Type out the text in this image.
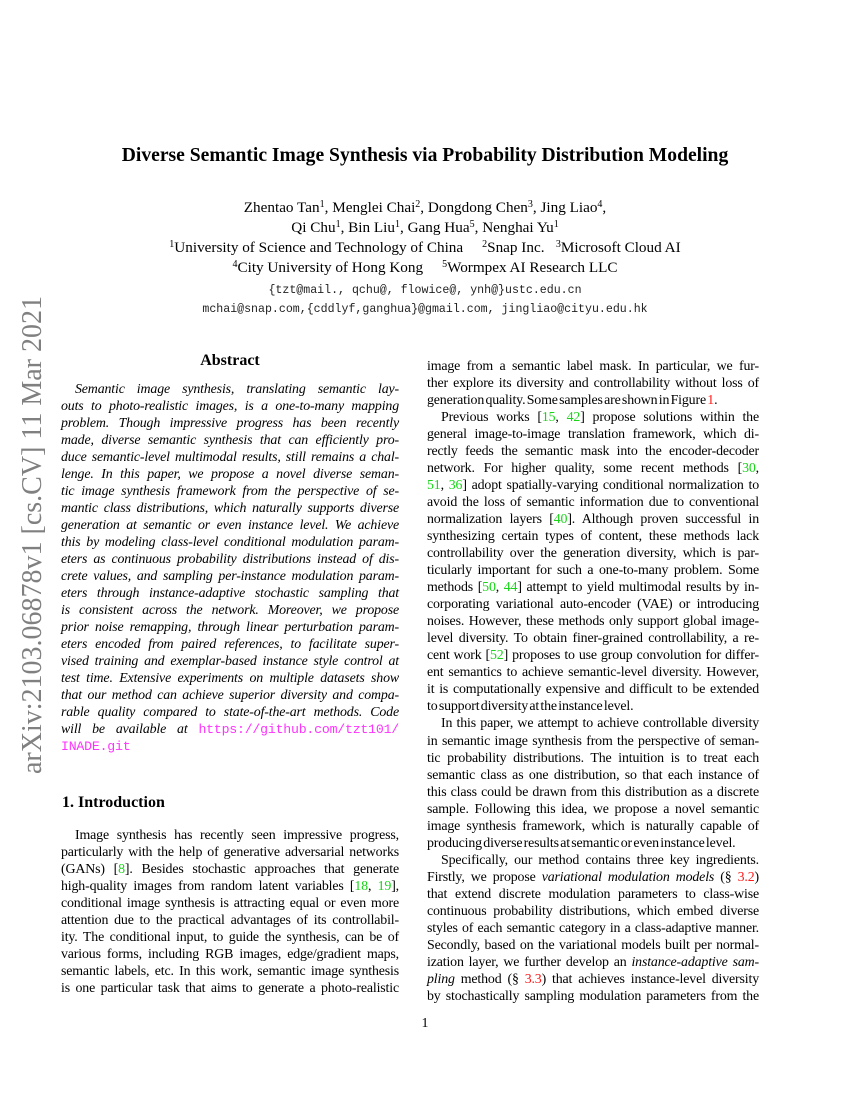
arXiv:2103.06878v1 [cs.CV] 11 Mar 2021
Diverse Semantic Image Synthesis via Probability Distribution Modeling
Zhentao Tan$^1$, Menglei Chai$^2$, Dongdong Chen$^3$, Jing Liao$^4$,
Qi Chu$^1$, Bin Liu$^1$, Gang Hua$^5$, Nenghai Yu$^1$
$^1$University of Science and Technology of China     $^2$Snap Inc.   $^3$Microsoft Cloud AI
$^4$City University of Hong Kong     $^5$Wormpex AI Research LLC
{tzt@mail., qchu@, flowice@, ynh@}ustc.edu.cn
mchai@snap.com,{cddlyf,ganghua}@gmail.com, jingliao@cityu.edu.hk
Abstract
Semantic image synthesis, translating semantic lay-
outs to photo-realistic images, is a one-to-many mapping
problem. Though impressive progress has been recently
made, diverse semantic synthesis that can efficiently pro-
duce semantic-level multimodal results, still remains a chal-
lenge. In this paper, we propose a novel diverse seman-
tic image synthesis framework from the perspective of se-
mantic class distributions, which naturally supports diverse
generation at semantic or even instance level. We achieve
this by modeling class-level conditional modulation param-
eters as continuous probability distributions instead of dis-
crete values, and sampling per-instance modulation param-
eters through instance-adaptive stochastic sampling that
is consistent across the network. Moreover, we propose
prior noise remapping, through linear perturbation param-
eters encoded from paired references, to facilitate super-
vised training and exemplar-based instance style control at
test time. Extensive experiments on multiple datasets show
that our method can achieve superior diversity and compa-
rable quality compared to state-of-the-art methods. Code
will be available at https://github.com/tzt101/
INADE.git
1. Introduction
Image synthesis has recently seen impressive progress,
particularly with the help of generative adversarial networks
(GANs) [8]. Besides stochastic approaches that generate
high-quality images from random latent variables [18, 19],
conditional image synthesis is attracting equal or even more
attention due to the practical advantages of its controllabil-
ity. The conditional input, to guide the synthesis, can be of
various forms, including RGB images, edge/gradient maps,
semantic labels, etc. In this work, semantic image synthesis
is one particular task that aims to generate a photo-realistic
image from a semantic label mask. In particular, we fur-
ther explore its diversity and controllability without loss of
generation quality. Some samples are shown in Figure 1.
Previous works [15, 42] propose solutions within the
general image-to-image translation framework, which di-
rectly feeds the semantic mask into the encoder-decoder
network. For higher quality, some recent methods [30,
51, 36] adopt spatially-varying conditional normalization to
avoid the loss of semantic information due to conventional
normalization layers [40]. Although proven successful in
synthesizing certain types of content, these methods lack
controllability over the generation diversity, which is par-
ticularly important for such a one-to-many problem. Some
methods [50, 44] attempt to yield multimodal results by in-
corporating variational auto-encoder (VAE) or introducing
noises. However, these methods only support global image-
level diversity. To obtain finer-grained controllability, a re-
cent work [52] proposes to use group convolution for differ-
ent semantics to achieve semantic-level diversity. However,
it is computationally expensive and difficult to be extended
to support diversity at the instance level.
In this paper, we attempt to achieve controllable diversity
in semantic image synthesis from the perspective of seman-
tic probability distributions. The intuition is to treat each
semantic class as one distribution, so that each instance of
this class could be drawn from this distribution as a discrete
sample. Following this idea, we propose a novel semantic
image synthesis framework, which is naturally capable of
producing diverse results at semantic or even instance level.
Specifically, our method contains three key ingredients.
Firstly, we propose variational modulation models (§ 3.2)
that extend discrete modulation parameters to class-wise
continuous probability distributions, which embed diverse
styles of each semantic category in a class-adaptive manner.
Secondly, based on the variational models built per normal-
ization layer, we further develop an instance-adaptive sam-
pling method (§ 3.3) that achieves instance-level diversity
by stochastically sampling modulation parameters from the
1
